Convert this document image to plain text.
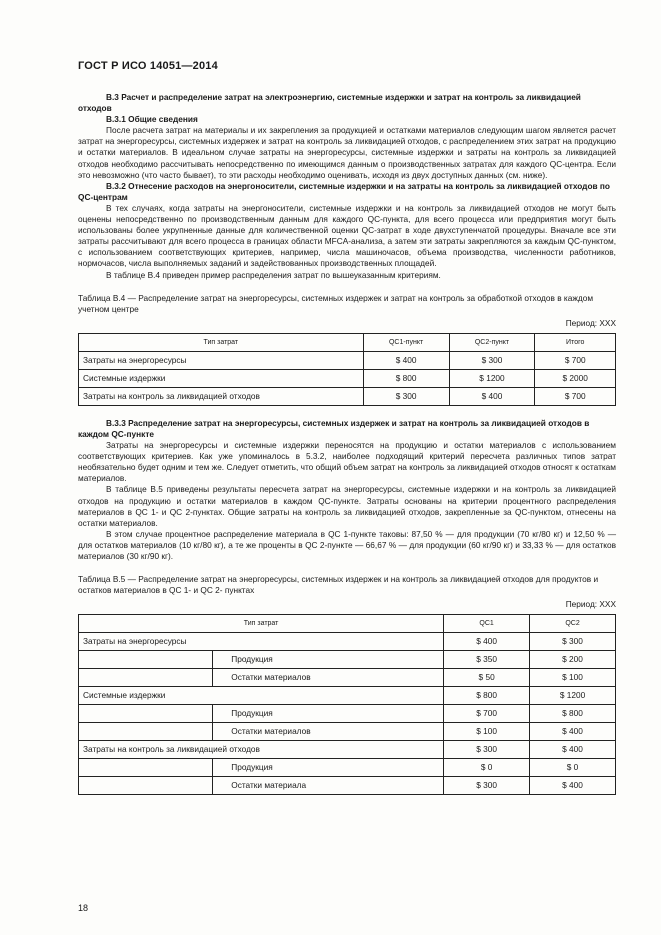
ГОСТ Р ИСО 14051—2014

В.3 Расчет и распределение затрат на электроэнергию, системные издержки и затрат на контроль за ликвидацией отходов

В.3.1 Общие сведения

После расчета затрат на материалы и их закрепления за продукцией и остатками материалов следующим шагом является расчет затрат на энергоресурсы, системных издержек и затрат на контроль за ликвидацией отходов, с распределением этих затрат на продукцию и остатки материалов. В идеальном случае затраты на энергоресурсы, системные издержки и затраты на контроль за ликвидацией отходов необходимо рассчитывать непосредственно по имеющимся данным о производственных затратах для каждого QC-центра. Если это невозможно (что часто бывает), то эти расходы необходимо оценивать, исходя из двух доступных данных (см. ниже).

В.3.2 Отнесение расходов на энергоносители, системные издержки и на затраты на контроль за ликвидацией отходов по QC-центрам

В тех случаях, когда затраты на энергоносители, системные издержки и на контроль за ликвидацией отходов не могут быть оценены непосредственно по производственным данным для каждого QC-пункта, для всего процесса или предприятия могут быть использованы более укрупненные данные для количественной оценки QC-затрат в ходе двухступенчатой процедуры. Вначале все эти затраты рассчитывают для всего процесса в границах области MFCA-анализа, а затем эти затраты закрепляются за каждым QC-пунктом, с использованием соответствующих критериев, например, числа машиночасов, объема производства, численности работников, нормочасов, числа выполняемых заданий и задействованных производственных площадей.

В таблице В.4 приведен пример распределения затрат по вышеуказанным критериям.

Таблица В.4 — Распределение затрат на энергоресурсы, системных издержек и затрат на контроль за обработкой отходов в каждом учетном центре

Период: XXX
Тип затрат	QC1-пункт	QC2-пункт	Итого
Затраты на энергоресурсы	$ 400	$ 300	$ 700
Системные издержки	$ 800	$ 1200	$ 2000
Затраты на контроль за ликвидацией отходов	$ 300	$ 400	$ 700

В.3.3 Распределение затрат на энергоресурсы, системных издержек и затрат на контроль за ликвидацией отходов в каждом QC-пункте

Затраты на энергоресурсы и системные издержки переносятся на продукцию и остатки материалов с использованием соответствующих критериев. Как уже упоминалось в 5.3.2, наиболее подходящий критерий пересчета различных типов затрат необязательно будет одним и тем же. Следует отметить, что общий объем затрат на контроль за ликвидацией отходов относят к остаткам материалов.

В таблице В.5 приведены результаты пересчета затрат на энергоресурсы, системные издержки и на контроль за ликвидацией отходов на продукцию и остатки материалов в каждом QC-пункте. Затраты основаны на критерии процентного распределения материалов в QC 1- и QC 2-пунктах. Общие затраты на контроль за ликвидацией отходов, закрепленные за QC-пунктом, отнесены на остатки материалов.

В этом случае процентное распределение материала в QC 1-пункте таковы: 87,50 % — для продукции (70 кг/80 кг) и 12,50 % — для остатков материалов (10 кг/80 кг), а те же проценты в QC 2-пункте — 66,67 % — для продукции (60 кг/90 кг) и 33,33 % — для остатков материалов (30 кг/90 кг).

Таблица В.5 — Распределение затрат на энергоресурсы, системных издержек и на контроль за ликвидацией отходов для продуктов и остатков материалов в QC 1- и QC 2- пунктах

Период: XXX
Тип затрат		QC1	QC2
Затраты на энергоресурсы		$ 400	$ 300
	Продукция	$ 350	$ 200
	Остатки материалов	$ 50	$ 100
Системные издержки		$ 800	$ 1200
	Продукция	$ 700	$ 800
	Остатки материалов	$ 100	$ 400
Затраты на контроль за ликвидацией отходов		$ 300	$ 400
	Продукция	$ 0	$ 0
	Остатки материала	$ 300	$ 400
18
